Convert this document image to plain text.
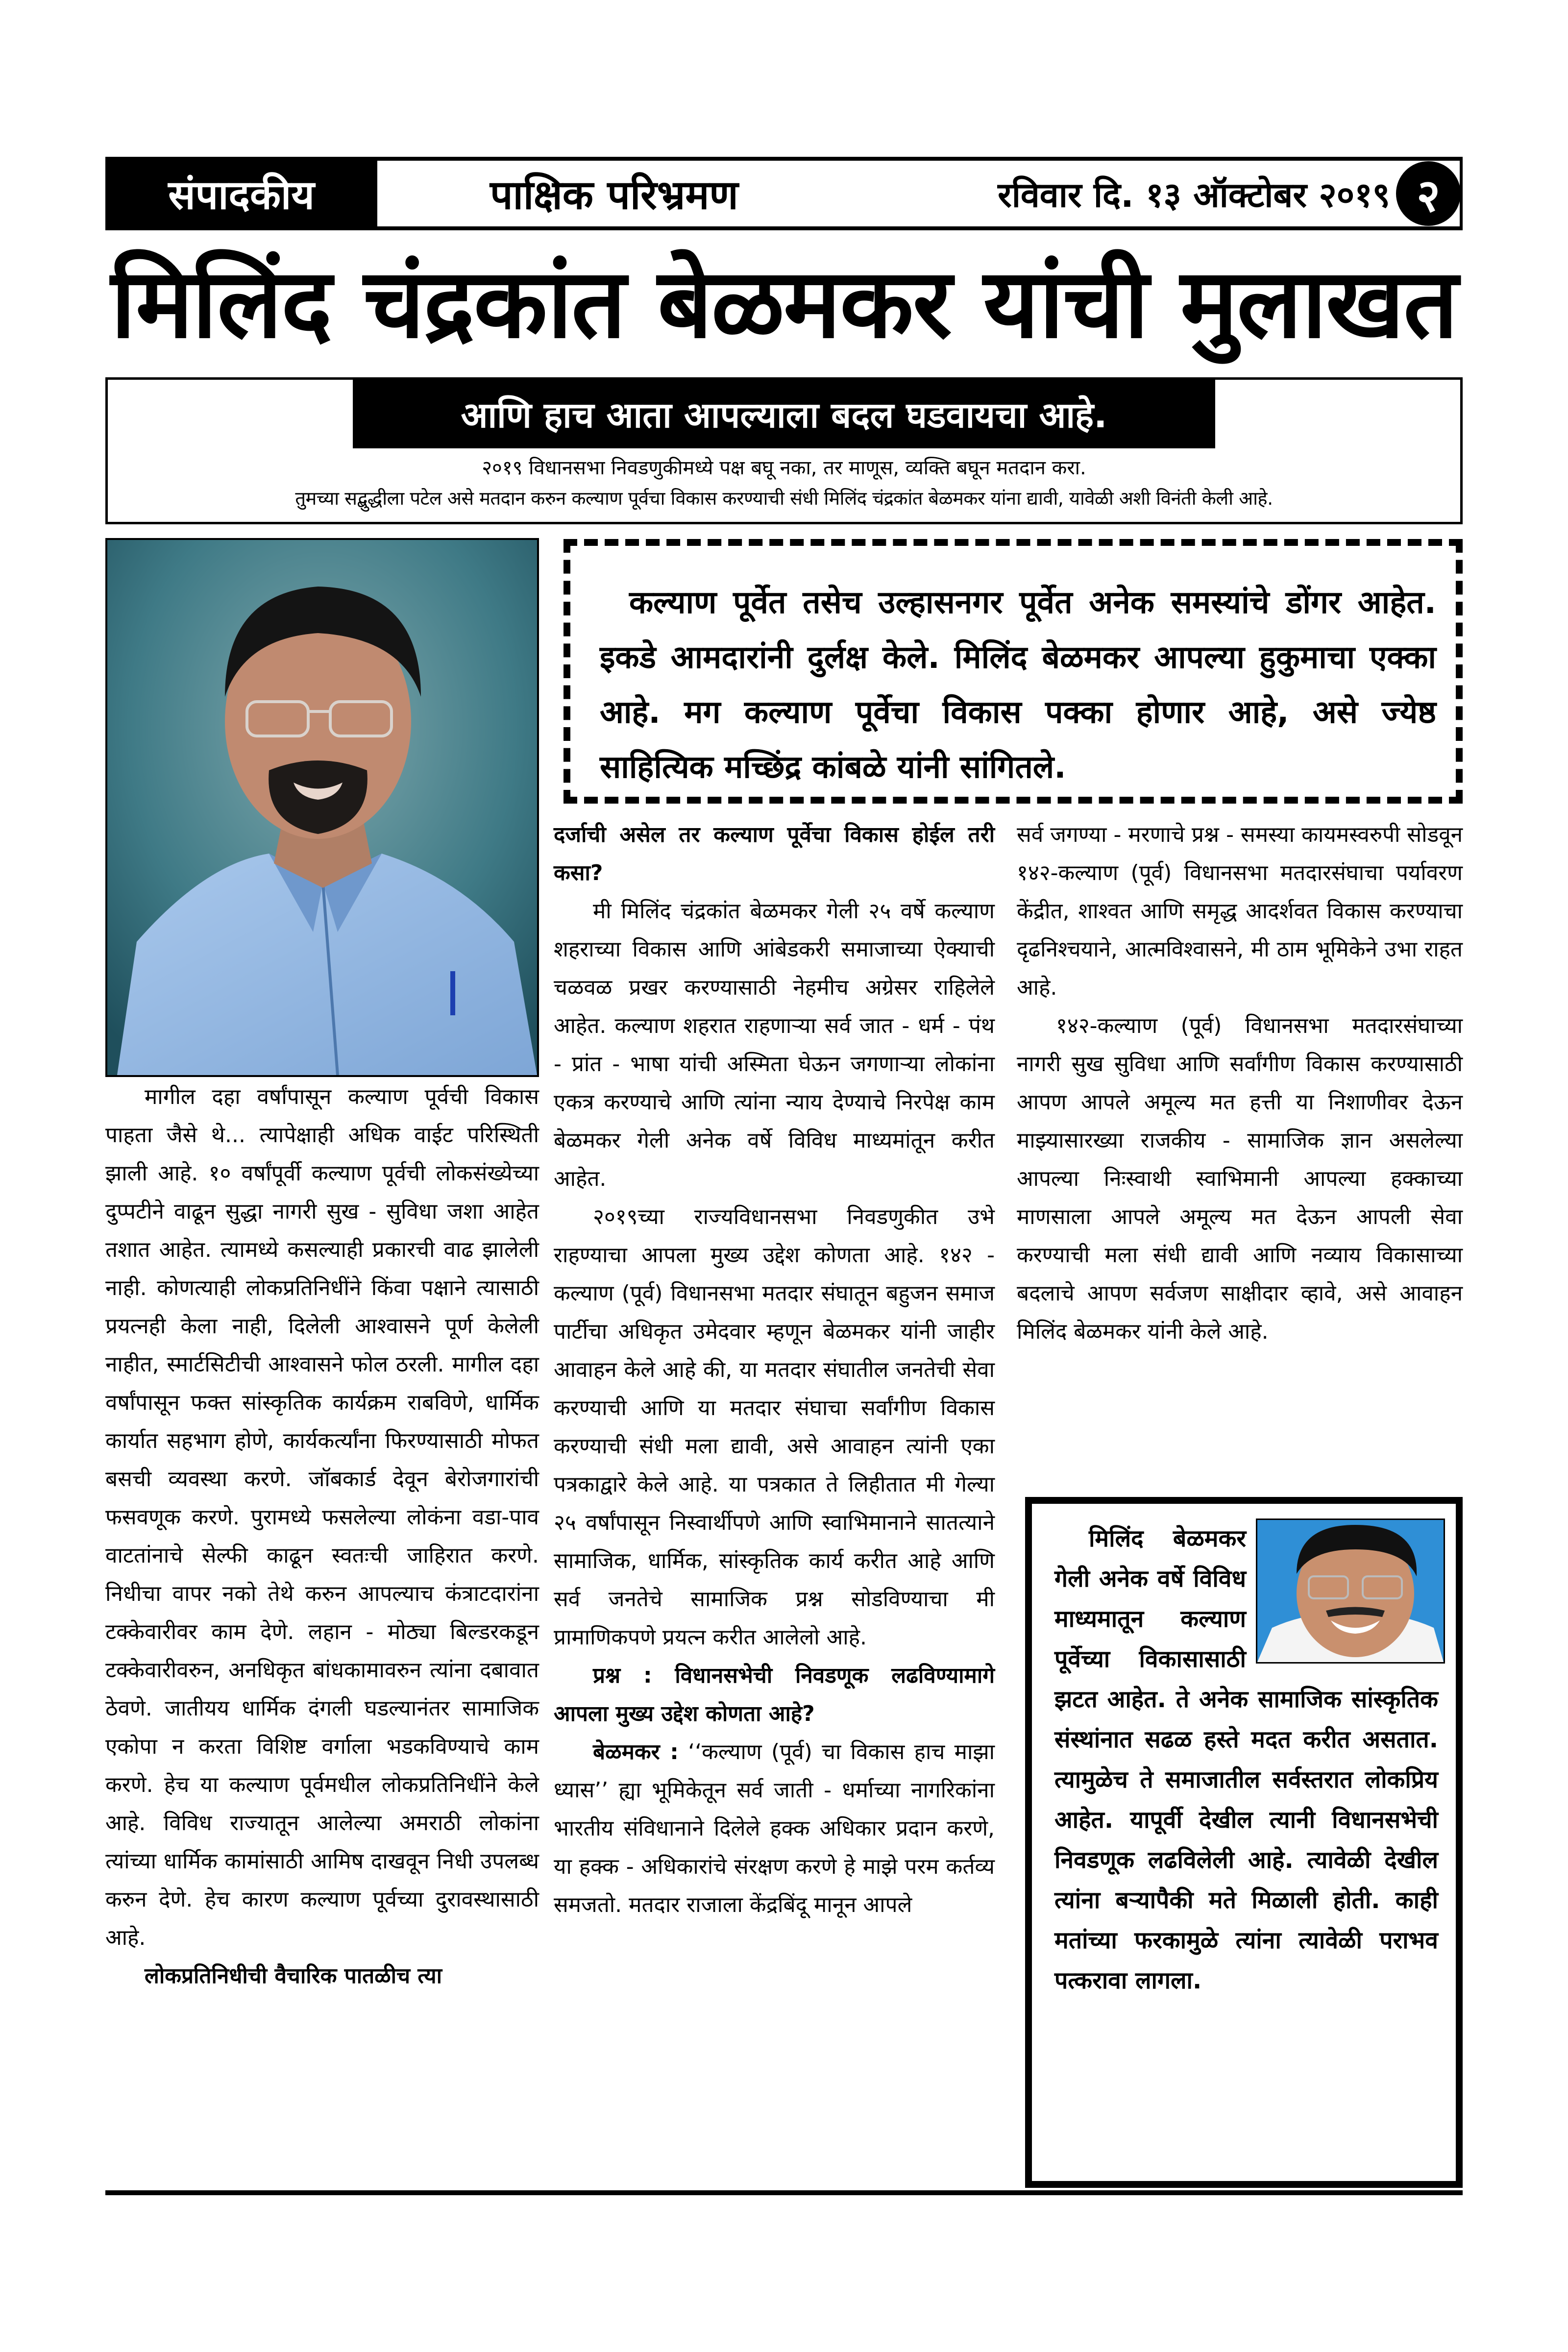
संपादकीय	पाक्षिक परिभ्रमण	रविवार दि. १३ ऑक्टोबर २०१९ २
मिलिंद चंद्रकांत बेळमकर यांची मुलाखत
आणि हाच आता आपल्याला बदल घडवायचा आहे.
२०१९ विधानसभा निवडणुकीमध्ये पक्ष बघू नका, तर माणूस, व्यक्ति बघून मतदान करा.
तुमच्या सद्बुद्धीला पटेल असे मतदान करुन कल्याण पूर्वचा विकास करण्याची संधी मिलिंद चंद्रकांत बेळमकर यांना द्यावी, यावेळी अशी विनंती केली आहे.

कल्याण पूर्वेत तसेच उल्हासनगर पूर्वेत अनेक समस्यांचे डोंगर आहेत. इकडे आमदारांनी दुर्लक्ष केले. मिलिंद बेळमकर आपल्या हुकुमाचा एक्का आहे. मग कल्याण पूर्वेचा विकास पक्का होणार आहे, असे ज्येष्ठ साहित्यिक मच्छिंद्र कांबळे यांनी सांगितले.

मागील दहा वर्षांपासून कल्याण पूर्वची विकास पाहता जैसे थे... त्यापेक्षाही अधिक वाईट परिस्थिती झाली आहे. १० वर्षांपूर्वी कल्याण पूर्वची लोकसंख्येच्या दुप्पटीने वाढून सुद्धा नागरी सुख - सुविधा जशा आहेत तशात आहेत. त्यामध्ये कसल्याही प्रकारची वाढ झालेली नाही. कोणत्याही लोकप्रतिनिधींने किंवा पक्षाने त्यासाठी प्रयत्नही केला नाही, दिलेली आश्वासने पूर्ण केलेली नाहीत, स्मार्टसिटीची आश्वासने फोल ठरली. मागील दहा वर्षांपासून फक्त सांस्कृतिक कार्यक्रम राबविणे, धार्मिक कार्यात सहभाग होणे, कार्यकर्त्यांना फिरण्यासाठी मोफत बसची व्यवस्था करणे. जॉबकार्ड देवून बेरोजगारांची फसवणूक करणे. पुरामध्ये फसलेल्या लोकंना वडा-पाव वाटतांनाचे सेल्फी काढून स्वतःची जाहिरात करणे. निधीचा वापर नको तेथे करुन आपल्याच कंत्राटदारांना टक्केवारीवर काम देणे. लहान - मोठ्या बिल्डरकडून टक्केवारीवरुन, अनधिकृत बांधकामावरुन त्यांना दबावात ठेवणे. जातीयय धार्मिक दंगली घडल्यानंतर सामाजिक एकोपा न करता विशिष्ट वर्गाला भडकविण्याचे काम करणे. हेच या कल्याण पूर्वमधील लोकप्रतिनिधींने केले आहे. विविध राज्यातून आलेल्या अमराठी लोकांना त्यांच्या धार्मिक कामांसाठी आमिष दाखवून निधी उपलब्ध करुन देणे. हेच कारण कल्याण पूर्वच्या दुरावस्थासाठी आहे.

लोकप्रतिनिधीची वैचारिक पातळीच त्या

दर्जाची असेल तर कल्याण पूर्वेचा विकास होईल तरी कसा?

मी मिलिंद चंद्रकांत बेळमकर गेली २५ वर्षे कल्याण शहराच्या विकास आणि आंबेडकरी समाजाच्या ऐक्याची चळवळ प्रखर करण्यासाठी नेहमीच अग्रेसर राहिलेले आहेत. कल्याण शहरात राहणाऱ्या सर्व जात - धर्म - पंथ - प्रांत - भाषा यांची अस्मिता घेऊन जगणाऱ्या लोकांना एकत्र करण्याचे आणि त्यांना न्याय देण्याचे निरपेक्ष काम बेळमकर गेली अनेक वर्षे विविध माध्यमांतून करीत आहेत.

२०१९च्या राज्यविधानसभा निवडणुकीत उभे राहण्याचा आपला मुख्य उद्देश कोणता आहे. १४२ - कल्याण (पूर्व) विधानसभा मतदार संघातून बहुजन समाज पार्टीचा अधिकृत उमेदवार म्हणून बेळमकर यांनी जाहीर आवाहन केले आहे की, या मतदार संघातील जनतेची सेवा करण्याची आणि या मतदार संघाचा सर्वांगीण विकास करण्याची संधी मला द्यावी, असे आवाहन त्यांनी एका पत्रकाद्वारे केले आहे. या पत्रकात ते लिहीतात मी गेल्या २५ वर्षांपासून निस्वार्थीपणे आणि स्वाभिमानाने सातत्याने सामाजिक, धार्मिक, सांस्कृतिक कार्य करीत आहे आणि सर्व जनतेचे सामाजिक प्रश्न सोडविण्याचा मी प्रामाणिकपणे प्रयत्न करीत आलेलो आहे.

प्रश्न : विधानसभेची निवडणूक लढविण्यामागे आपला मुख्य उद्देश कोणता आहे?

बेळमकर : ‘‘कल्याण (पूर्व) चा विकास हाच माझा ध्यास’’ ह्या भूमिकेतून सर्व जाती - धर्माच्या नागरिकांना भारतीय संविधानाने दिलेले हक्क अधिकार प्रदान करणे, या हक्क - अधिकारांचे संरक्षण करणे हे माझे परम कर्तव्य समजतो. मतदार राजाला केंद्रबिंदू मानून आपले

सर्व जगण्या - मरणाचे प्रश्न - समस्या कायमस्वरुपी सोडवून १४२-कल्याण (पूर्व) विधानसभा मतदारसंघाचा पर्यावरण केंद्रीत, शाश्वत आणि समृद्ध आदर्शवत विकास करण्याचा दृढनिश्चयाने, आत्मविश्वासने, मी ठाम भूमिकेने उभा राहत आहे.

१४२-कल्याण (पूर्व) विधानसभा मतदारसंघाच्या नागरी सुख सुविधा आणि सर्वांगीण विकास करण्यासाठी आपण आपले अमूल्य मत हत्ती या निशाणीवर देऊन माझ्यासारख्या राजकीय - सामाजिक ज्ञान असलेल्या आपल्या निःस्वाथी स्वाभिमानी आपल्या हक्काच्या माणसाला आपले अमूल्य मत देऊन आपली सेवा करण्याची मला संधी द्यावी आणि नव्याय विकासाच्या बदलाचे आपण सर्वजण साक्षीदार व्हावे, असे आवाहन मिलिंद बेळमकर यांनी केले आहे.

मिलिंद बेळमकर गेली अनेक वर्षे विविध माध्यमातून कल्याण पूर्वेच्या विकासासाठी झटत आहेत. ते अनेक सामाजिक सांस्कृतिक संस्थांनात सढळ हस्ते मदत करीत असतात. त्यामुळेच ते समाजातील सर्वस्तरात लोकप्रिय आहेत. यापूर्वी देखील त्यानी विधानसभेची निवडणूक लढविलेली आहे. त्यावेळी देखील त्यांना बऱ्यापैकी मते मिळाली होती. काही मतांच्या फरकामुळे त्यांना त्यावेळी पराभव पत्करावा लागला.
